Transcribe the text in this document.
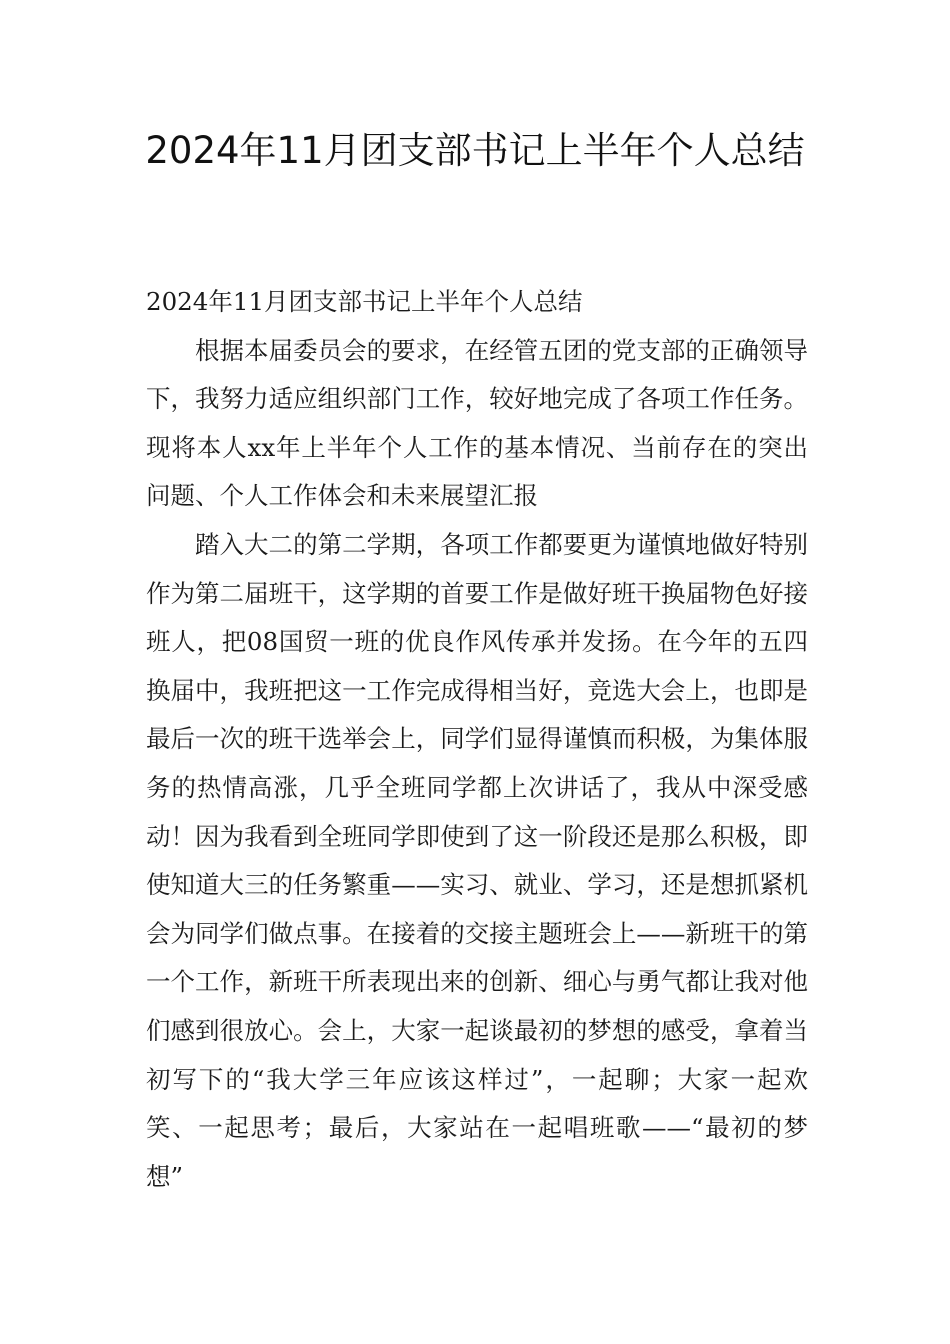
2024年11月团支部书记上半年个人总结

2024年11月团支部书记上半年个人总结

根据本届委员会的要求，在经管五团的党支部的正确领导下，我努力适应组织部门工作，较好地完成了各项工作任务。现将本人xx年上半年个人工作的基本情况、当前存在的突出问题、个人工作体会和未来展望汇报

踏入大二的第二学期，各项工作都要更为谨慎地做好特别作为第二届班干，这学期的首要工作是做好班干换届物色好接班人，把08国贸一班的优良作风传承并发扬。在今年的五四换届中，我班把这一工作完成得相当好，竞选大会上，也即是最后一次的班干选举会上，同学们显得谨慎而积极，为集体服务的热情高涨，几乎全班同学都上次讲话了，我从中深受感动！因为我看到全班同学即使到了这一阶段还是那么积极，即使知道大三的任务繁重——实习、就业、学习，还是想抓紧机会为同学们做点事。在接着的交接主题班会上——新班干的第一个工作，新班干所表现出来的创新、细心与勇气都让我对他们感到很放心。会上，大家一起谈最初的梦想的感受，拿着当初写下的“我大学三年应该这样过”，一起聊；大家一起欢笑、一起思考；最后，大家站在一起唱班歌——“最初的梦想”
